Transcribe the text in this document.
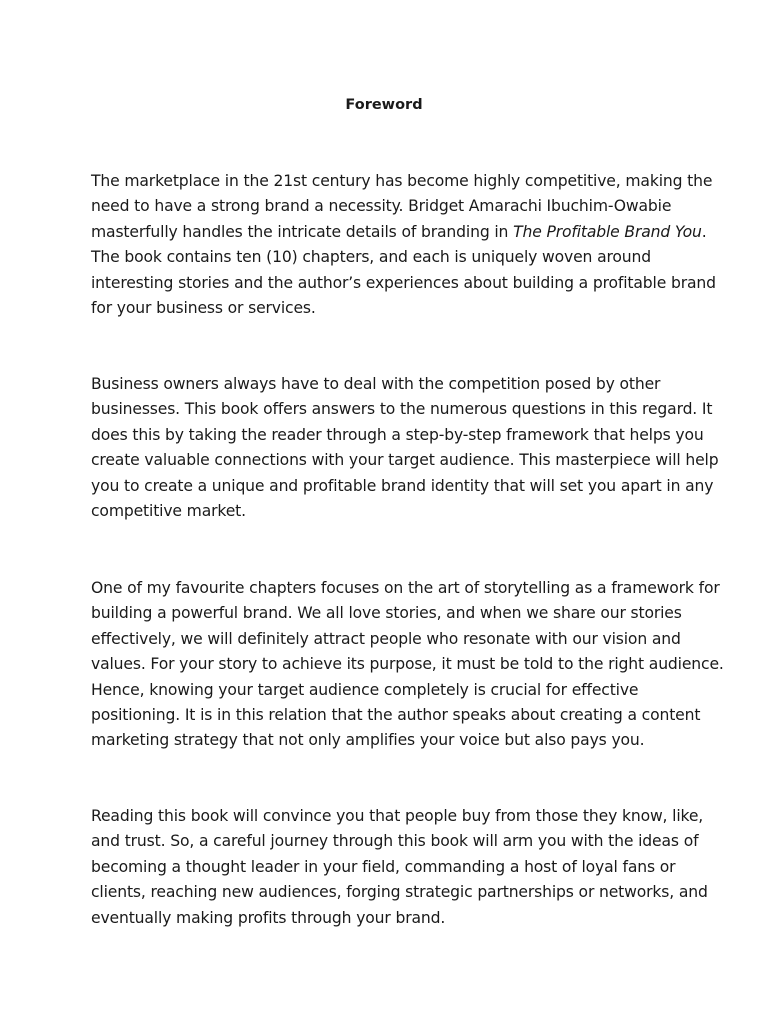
Foreword

The marketplace in the 21st century has become highly competitive, making the
need to have a strong brand a necessity. Bridget Amarachi Ibuchim-Owabie
masterfully handles the intricate details of branding in The Profitable Brand You.
The book contains ten (10) chapters, and each is uniquely woven around
interesting stories and the author’s experiences about building a profitable brand
for your business or services.

Business owners always have to deal with the competition posed by other
businesses. This book offers answers to the numerous questions in this regard. It
does this by taking the reader through a step-by-step framework that helps you
create valuable connections with your target audience. This masterpiece will help
you to create a unique and profitable brand identity that will set you apart in any
competitive market.

One of my favourite chapters focuses on the art of storytelling as a framework for
building a powerful brand. We all love stories, and when we share our stories
effectively, we will definitely attract people who resonate with our vision and
values. For your story to achieve its purpose, it must be told to the right audience.
Hence, knowing your target audience completely is crucial for effective
positioning. It is in this relation that the author speaks about creating a content
marketing strategy that not only amplifies your voice but also pays you.

Reading this book will convince you that people buy from those they know, like,
and trust. So, a careful journey through this book will arm you with the ideas of
becoming a thought leader in your field, commanding a host of loyal fans or
clients, reaching new audiences, forging strategic partnerships or networks, and
eventually making profits through your brand.
